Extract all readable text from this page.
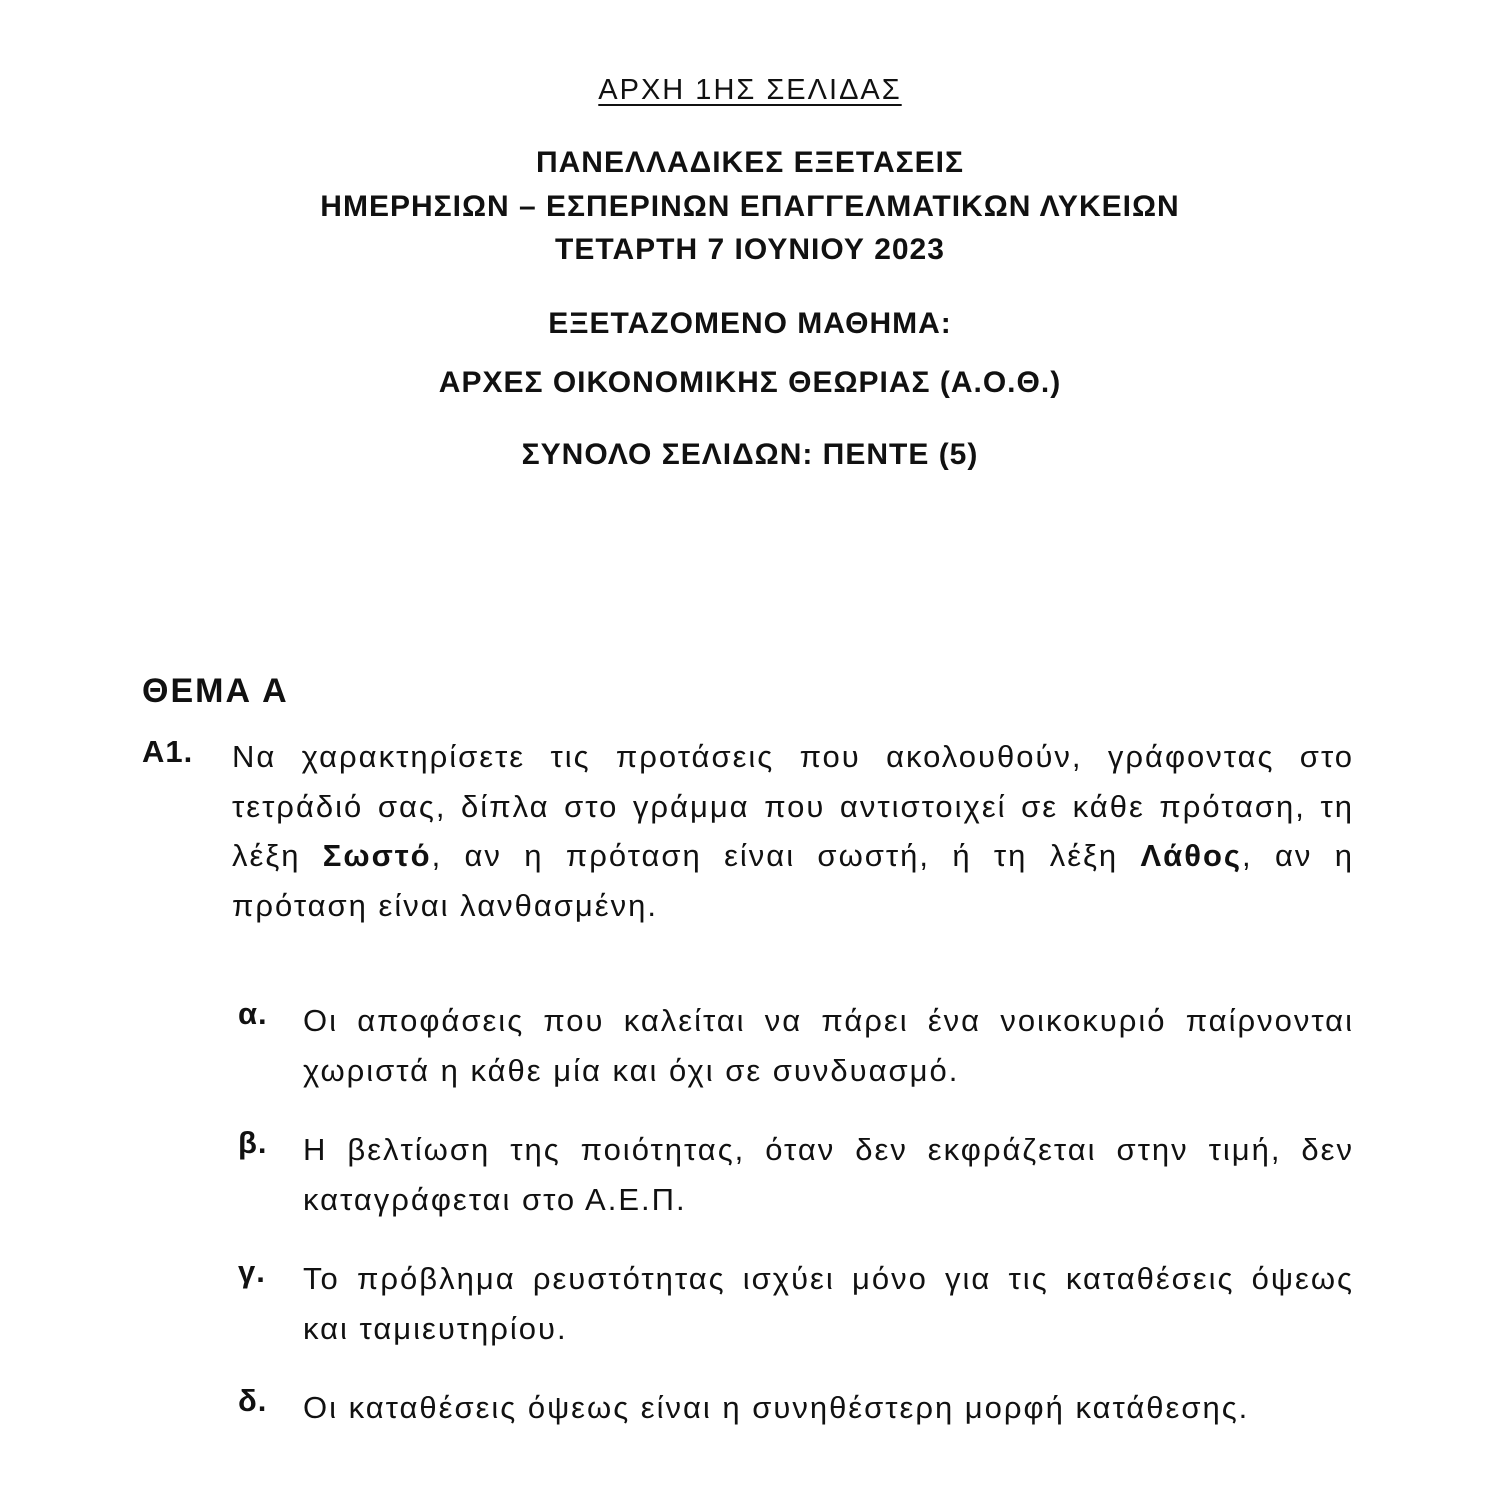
ΑΡΧΗ 1ΗΣ ΣΕΛΙΔΑΣ
ΠΑΝΕΛΛΑΔΙΚΕΣ ΕΞΕΤΑΣΕΙΣ
ΗΜΕΡΗΣΙΩΝ – ΕΣΠΕΡΙΝΩΝ ΕΠΑΓΓΕΛΜΑΤΙΚΩΝ ΛΥΚΕΙΩΝ
ΤΕΤΑΡΤΗ 7 ΙΟΥΝΙΟΥ 2023
ΕΞΕΤΑΖΟΜΕΝΟ ΜΑΘΗΜΑ:
ΑΡΧΕΣ ΟΙΚΟΝΟΜΙΚΗΣ ΘΕΩΡΙΑΣ (Α.Ο.Θ.)
ΣΥΝΟΛΟ ΣΕΛΙΔΩΝ: ΠΕΝΤΕ (5)
ΘΕΜΑ Α
Α1. Να χαρακτηρίσετε τις προτάσεις που ακολουθούν, γράφοντας στο τετράδιό σας, δίπλα στο γράμμα που αντιστοιχεί σε κάθε πρόταση, τη λέξη Σωστό, αν η πρόταση είναι σωστή, ή τη λέξη Λάθος, αν η πρόταση είναι λανθασμένη.
α. Οι αποφάσεις που καλείται να πάρει ένα νοικοκυριό παίρνονται χωριστά η κάθε μία και όχι σε συνδυασμό.
β. Η βελτίωση της ποιότητας, όταν δεν εκφράζεται στην τιμή, δεν καταγράφεται στο Α.Ε.Π.
γ. Το πρόβλημα ρευστότητας ισχύει μόνο για τις καταθέσεις όψεως και ταμιευτηρίου.
δ. Οι καταθέσεις όψεως είναι η συνηθέστερη μορφή κατάθεσης.
